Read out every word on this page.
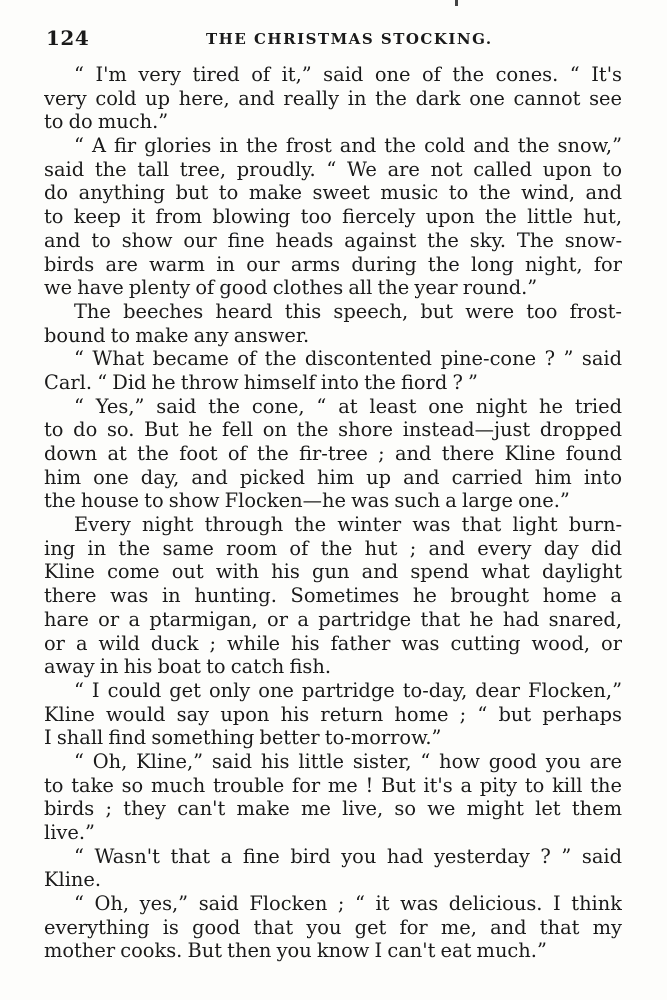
124	THE CHRISTMAS STOCKING.
“ I'm very tired of it,” said one of the cones. “ It's
very cold up here, and really in the dark one cannot see
to do much.”
“ A fir glories in the frost and the cold and the snow,”
said the tall tree, proudly. “ We are not called upon to
do anything but to make sweet music to the wind, and
to keep it from blowing too fiercely upon the little hut,
and to show our fine heads against the sky. The snow-
birds are warm in our arms during the long night, for
we have plenty of good clothes all the year round.”
The beeches heard this speech, but were too frost-
bound to make any answer.
“ What became of the discontented pine-cone ? ” said
Carl. “ Did he throw himself into the fiord ? ”
“ Yes,” said the cone, “ at least one night he tried
to do so. But he fell on the shore instead—just dropped
down at the foot of the fir-tree ; and there Kline found
him one day, and picked him up and carried him into
the house to show Flocken—he was such a large one.”
Every night through the winter was that light burn-
ing in the same room of the hut ; and every day did
Kline come out with his gun and spend what daylight
there was in hunting. Sometimes he brought home a
hare or a ptarmigan, or a partridge that he had snared,
or a wild duck ; while his father was cutting wood, or
away in his boat to catch fish.
“ I could get only one partridge to-day, dear Flocken,”
Kline would say upon his return home ; “ but perhaps
I shall find something better to-morrow.”
“ Oh, Kline,” said his little sister, “ how good you are
to take so much trouble for me ! But it's a pity to kill the
birds ; they can't make me live, so we might let them
live.”
“ Wasn't that a fine bird you had yesterday ? ” said
Kline.
“ Oh, yes,” said Flocken ; “ it was delicious. I think
everything is good that you get for me, and that my
mother cooks. But then you know I can't eat much.”
